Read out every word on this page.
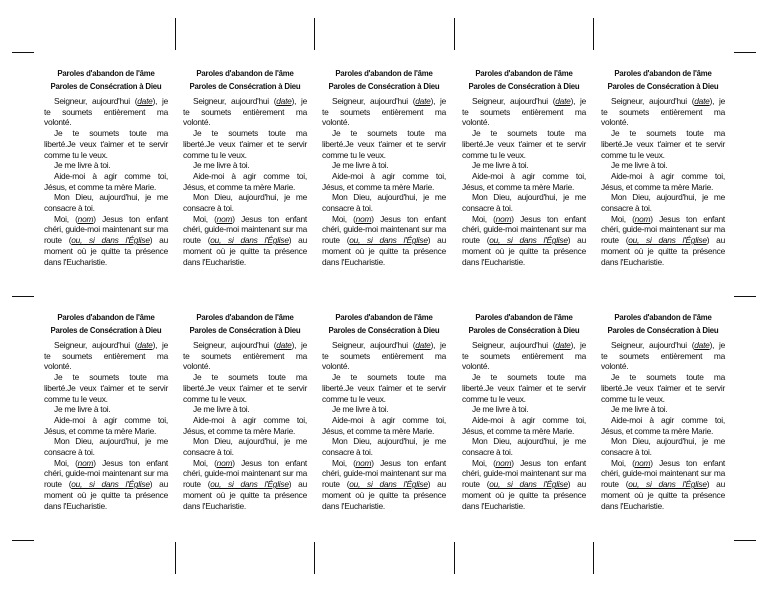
Paroles d'abandon de l'âme
Paroles de Consécration à Dieu

Seigneur, aujourd'hui (date), je te soumets entièrement ma volonté.

Je te soumets toute ma liberté.Je veux t'aimer et te servir comme tu le veux.

Je me livre à toi.

Aide-moi à agir comme toi, Jésus, et comme ta mère Marie.

Mon Dieu, aujourd'hui, je me consacre à toi.

Moi, (nom) Jesus ton enfant chéri, guide-moi maintenant sur ma route (ou, si dans l'Église) au moment où je quitte ta présence dans l'Eucharistie.

Paroles d'abandon de l'âme
Paroles de Consécration à Dieu

Seigneur, aujourd'hui (date), je te soumets entièrement ma volonté.

Je te soumets toute ma liberté.Je veux t'aimer et te servir comme tu le veux.

Je me livre à toi.

Aide-moi à agir comme toi, Jésus, et comme ta mère Marie.

Mon Dieu, aujourd'hui, je me consacre à toi.

Moi, (nom) Jesus ton enfant chéri, guide-moi maintenant sur ma route (ou, si dans l'Église) au moment où je quitte ta présence dans l'Eucharistie.

Paroles d'abandon de l'âme
Paroles de Consécration à Dieu

Seigneur, aujourd'hui (date), je te soumets entièrement ma volonté.

Je te soumets toute ma liberté.Je veux t'aimer et te servir comme tu le veux.

Je me livre à toi.

Aide-moi à agir comme toi, Jésus, et comme ta mère Marie.

Mon Dieu, aujourd'hui, je me consacre à toi.

Moi, (nom) Jesus ton enfant chéri, guide-moi maintenant sur ma route (ou, si dans l'Église) au moment où je quitte ta présence dans l'Eucharistie.

Paroles d'abandon de l'âme
Paroles de Consécration à Dieu

Seigneur, aujourd'hui (date), je te soumets entièrement ma volonté.

Je te soumets toute ma liberté.Je veux t'aimer et te servir comme tu le veux.

Je me livre à toi.

Aide-moi à agir comme toi, Jésus, et comme ta mère Marie.

Mon Dieu, aujourd'hui, je me consacre à toi.

Moi, (nom) Jesus ton enfant chéri, guide-moi maintenant sur ma route (ou, si dans l'Église) au moment où je quitte ta présence dans l'Eucharistie.

Paroles d'abandon de l'âme
Paroles de Consécration à Dieu

Seigneur, aujourd'hui (date), je te soumets entièrement ma volonté.

Je te soumets toute ma liberté.Je veux t'aimer et te servir comme tu le veux.

Je me livre à toi.

Aide-moi à agir comme toi, Jésus, et comme ta mère Marie.

Mon Dieu, aujourd'hui, je me consacre à toi.

Moi, (nom) Jesus ton enfant chéri, guide-moi maintenant sur ma route (ou, si dans l'Église) au moment où je quitte ta présence dans l'Eucharistie.

Paroles d'abandon de l'âme
Paroles de Consécration à Dieu

Seigneur, aujourd'hui (date), je te soumets entièrement ma volonté.

Je te soumets toute ma liberté.Je veux t'aimer et te servir comme tu le veux.

Je me livre à toi.

Aide-moi à agir comme toi, Jésus, et comme ta mère Marie.

Mon Dieu, aujourd'hui, je me consacre à toi.

Moi, (nom) Jesus ton enfant chéri, guide-moi maintenant sur ma route (ou, si dans l'Église) au moment où je quitte ta présence dans l'Eucharistie.

Paroles d'abandon de l'âme
Paroles de Consécration à Dieu

Seigneur, aujourd'hui (date), je te soumets entièrement ma volonté.

Je te soumets toute ma liberté.Je veux t'aimer et te servir comme tu le veux.

Je me livre à toi.

Aide-moi à agir comme toi, Jésus, et comme ta mère Marie.

Mon Dieu, aujourd'hui, je me consacre à toi.

Moi, (nom) Jesus ton enfant chéri, guide-moi maintenant sur ma route (ou, si dans l'Église) au moment où je quitte ta présence dans l'Eucharistie.

Paroles d'abandon de l'âme
Paroles de Consécration à Dieu

Seigneur, aujourd'hui (date), je te soumets entièrement ma volonté.

Je te soumets toute ma liberté.Je veux t'aimer et te servir comme tu le veux.

Je me livre à toi.

Aide-moi à agir comme toi, Jésus, et comme ta mère Marie.

Mon Dieu, aujourd'hui, je me consacre à toi.

Moi, (nom) Jesus ton enfant chéri, guide-moi maintenant sur ma route (ou, si dans l'Église) au moment où je quitte ta présence dans l'Eucharistie.

Paroles d'abandon de l'âme
Paroles de Consécration à Dieu

Seigneur, aujourd'hui (date), je te soumets entièrement ma volonté.

Je te soumets toute ma liberté.Je veux t'aimer et te servir comme tu le veux.

Je me livre à toi.

Aide-moi à agir comme toi, Jésus, et comme ta mère Marie.

Mon Dieu, aujourd'hui, je me consacre à toi.

Moi, (nom) Jesus ton enfant chéri, guide-moi maintenant sur ma route (ou, si dans l'Église) au moment où je quitte ta présence dans l'Eucharistie.

Paroles d'abandon de l'âme
Paroles de Consécration à Dieu

Seigneur, aujourd'hui (date), je te soumets entièrement ma volonté.

Je te soumets toute ma liberté.Je veux t'aimer et te servir comme tu le veux.

Je me livre à toi.

Aide-moi à agir comme toi, Jésus, et comme ta mère Marie.

Mon Dieu, aujourd'hui, je me consacre à toi.

Moi, (nom) Jesus ton enfant chéri, guide-moi maintenant sur ma route (ou, si dans l'Église) au moment où je quitte ta présence dans l'Eucharistie.
